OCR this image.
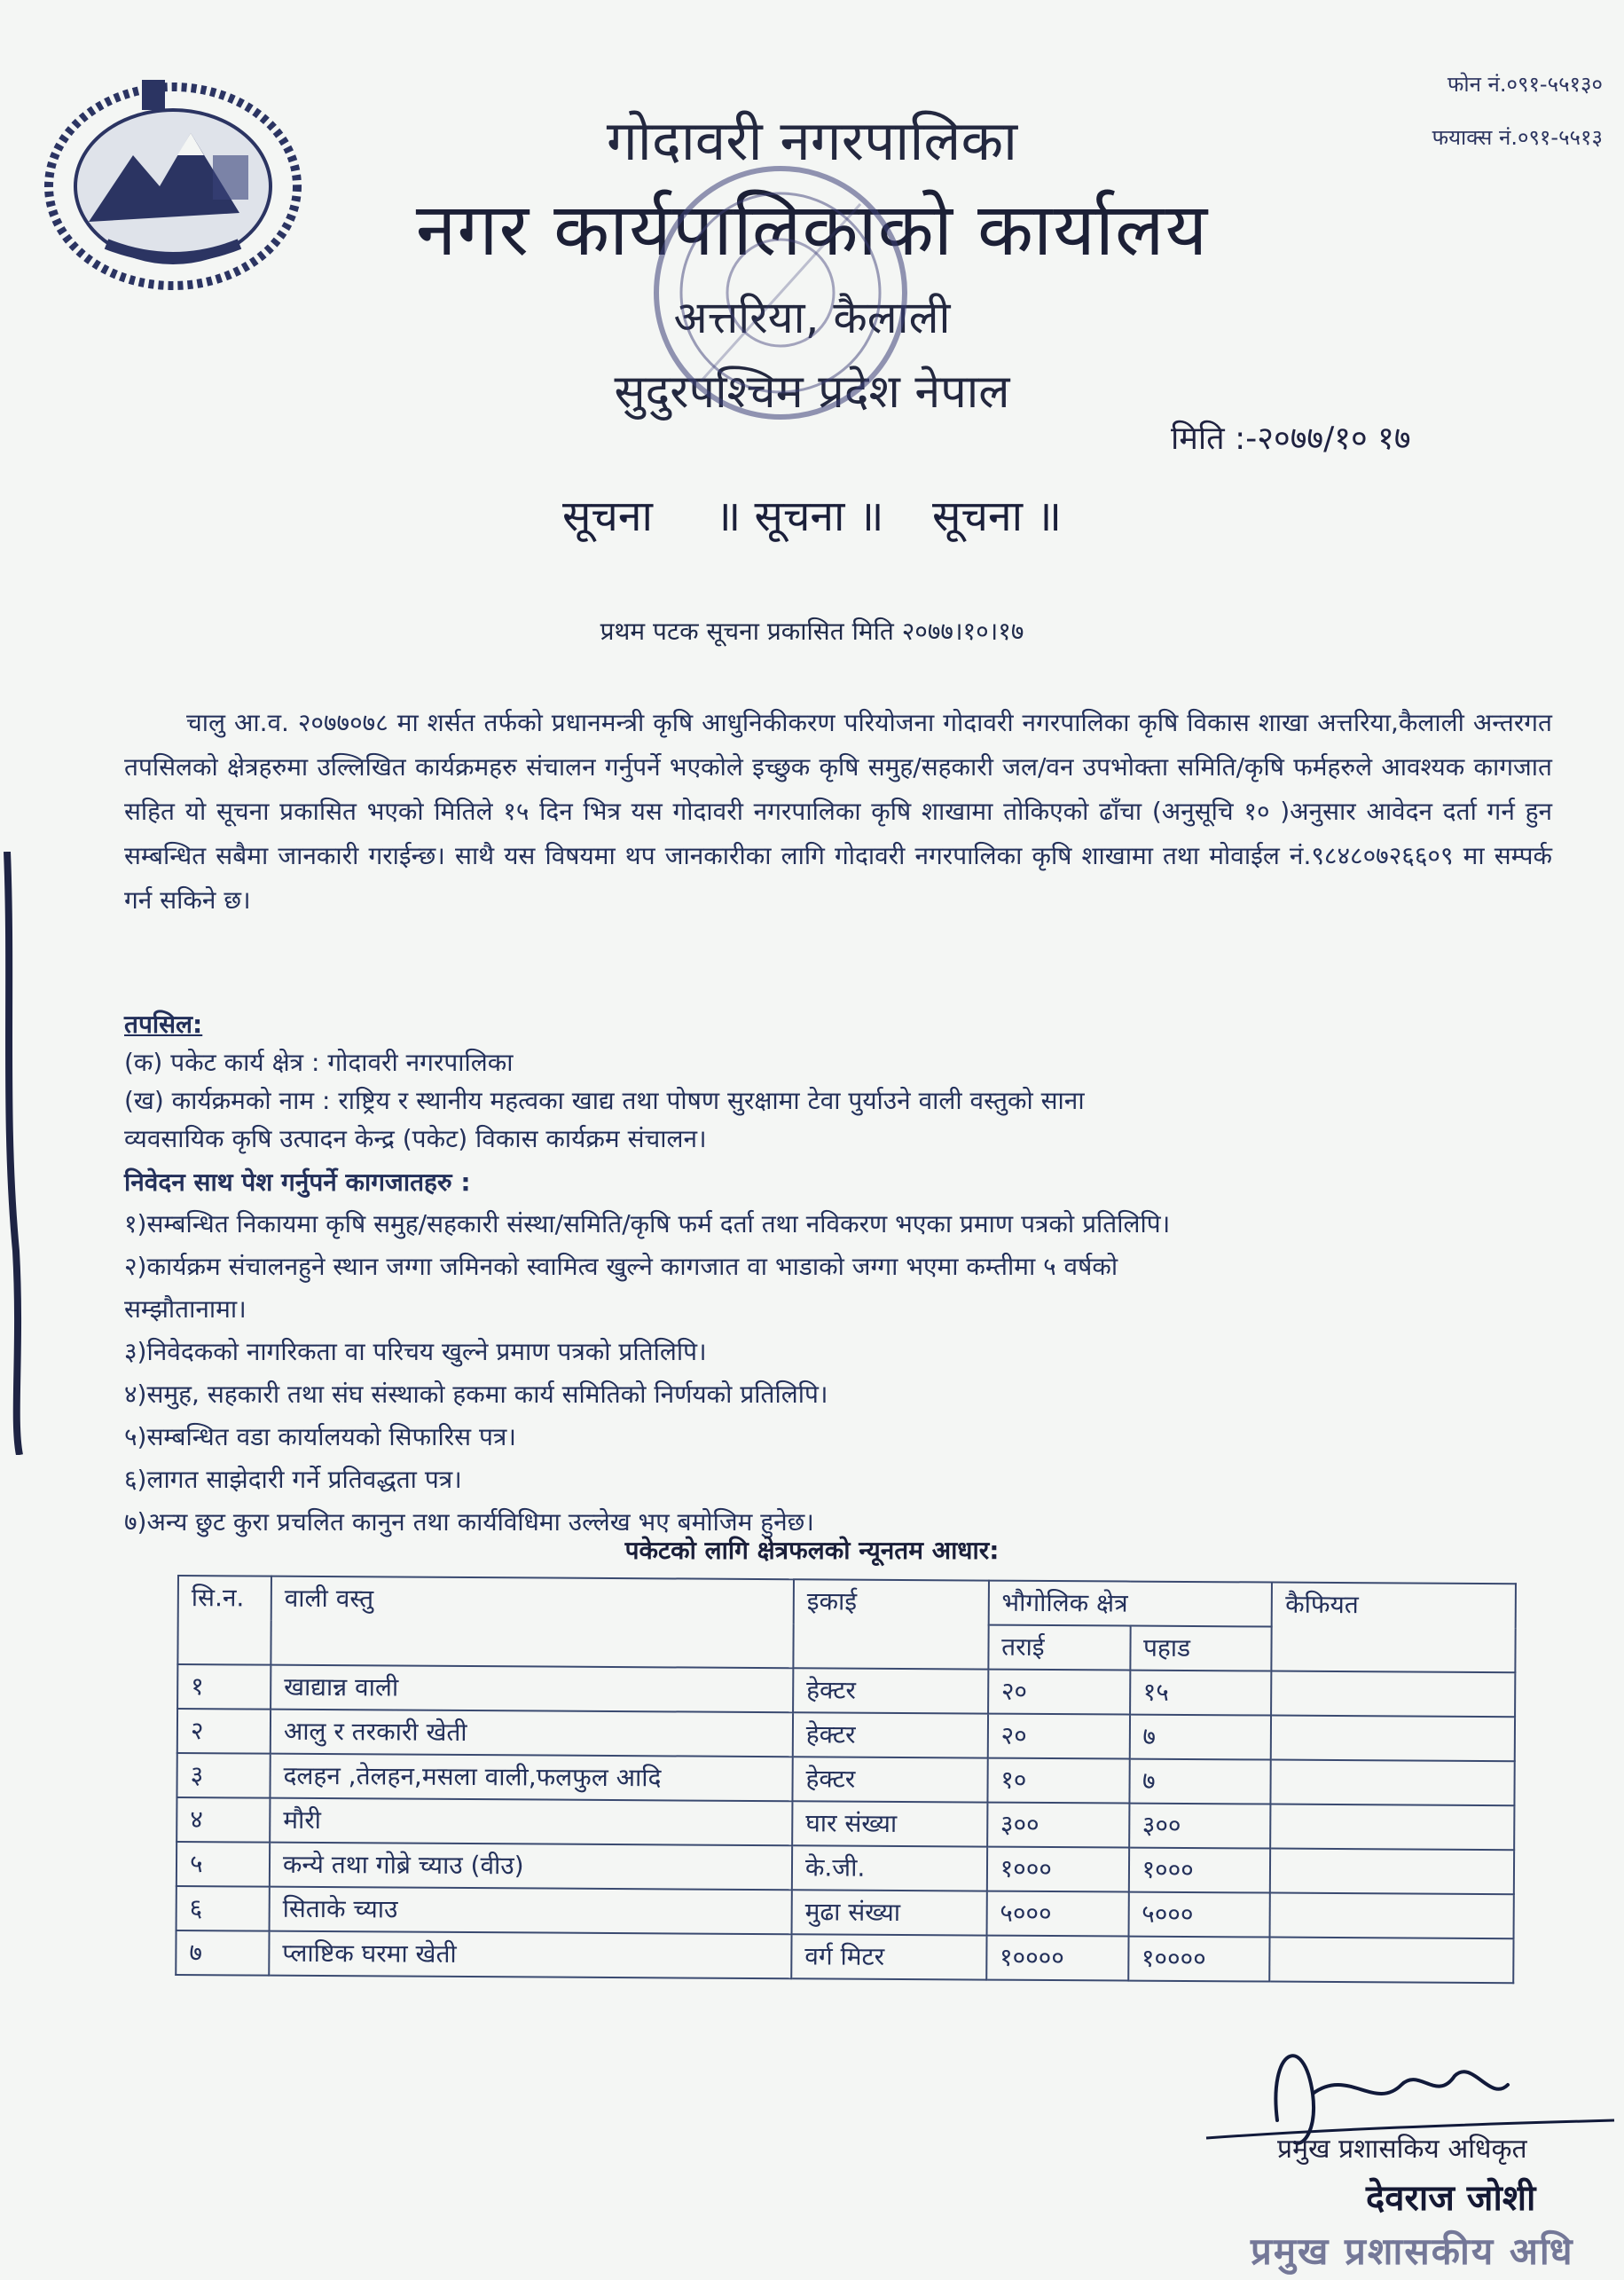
फोन नं.०९१-५५१३०
फयाक्स नं.०९१-५५१३
गोदावरी नगरपालिका
नगर कार्यपालिकाको कार्यालय
अत्तरिया, कैलाली
सुदुरपश्चिम प्रदेश नेपाल
मिति :-२०७७/१० १७
सूचना ॥ सूचना ॥ सूचना ॥
प्रथम पटक सूचना प्रकासित मिति २०७७।१०।१७
चालु आ.व. २०७७०७८ मा शर्सत तर्फको प्रधानमन्त्री कृषि आधुनिकीकरण परियोजना गोदावरी नगरपालिका कृषि विकास शाखा अत्तरिया,कैलाली अन्तरगत तपसिलको क्षेत्रहरुमा उल्लिखित कार्यक्रमहरु संचालन गर्नुपर्ने भएकोले इच्छुक कृषि समुह/सहकारी जल/वन उपभोक्ता समिति/कृषि फर्महरुले आवश्यक कागजात सहित यो सूचना प्रकासित भएको मितिले १५ दिन भित्र यस गोदावरी नगरपालिका कृषि शाखामा तोकिएको ढाँचा (अनुसूचि १० )अनुसार आवेदन दर्ता गर्न हुन सम्बन्धित सबैमा जानकारी गराईन्छ। साथै यस विषयमा थप जानकारीका लागि गोदावरी नगरपालिका कृषि शाखामा तथा मोवाईल नं.९८४८०७२६६०९ मा सम्पर्क गर्न सकिने छ।
तपसिल:
(क) पकेट कार्य क्षेत्र : गोदावरी नगरपालिका
(ख) कार्यक्रमको नाम : राष्ट्रिय र स्थानीय महत्वका खाद्य तथा पोषण सुरक्षामा टेवा पुर्याउने वाली वस्तुको साना
व्यवसायिक कृषि उत्पादन केन्द्र (पकेट) विकास कार्यक्रम संचालन।
निवेदन साथ पेश गर्नुपर्ने कागजातहरु :
१)सम्बन्धित निकायमा कृषि समुह/सहकारी संस्था/समिति/कृषि फर्म दर्ता तथा नविकरण भएका प्रमाण पत्रको प्रतिलिपि।
२)कार्यक्रम संचालनहुने स्थान जग्गा जमिनको स्वामित्व खुल्ने कागजात वा भाडाको जग्गा भएमा कम्तीमा ५ वर्षको
सम्झौतानामा।
३)निवेदकको नागरिकता वा परिचय खुल्ने प्रमाण पत्रको प्रतिलिपि।
४)समुह, सहकारी तथा संघ संस्थाको हकमा कार्य समितिको निर्णयको प्रतिलिपि।
५)सम्बन्धित वडा कार्यालयको सिफारिस पत्र।
६)लागत साझेदारी गर्ने प्रतिवद्धता पत्र।
७)अन्य छुट कुरा प्रचलित कानुन तथा कार्यविधिमा उल्लेख भए बमोजिम हुनेछ।
पकेटको लागि क्षेत्रफलको न्यूनतम आधार:
सि.न.	वाली वस्तु	इकाई	भौगोलिक क्षेत्र		कैफियत
			तराई	पहाड	
१	खाद्यान्न वाली	हेक्टर	२०	१५	
२	आलु र तरकारी खेती	हेक्टर	२०	७	
३	दलहन ,तेलहन,मसला वाली,फलफुल आदि	हेक्टर	१०	७	
४	मौरी	घार संख्या	३००	३००	
५	कन्ये तथा गोब्रे च्याउ (वीउ)	के.जी.	१०००	१०००	
६	सिताके च्याउ	मुढा संख्या	५०००	५०००	
७	प्लाष्टिक घरमा खेती	वर्ग मिटर	१००००	१००००	
प्रमुख प्रशासकिय अधिकृत
देवराज जोशी
प्रमुख प्रशासकीय अधि
